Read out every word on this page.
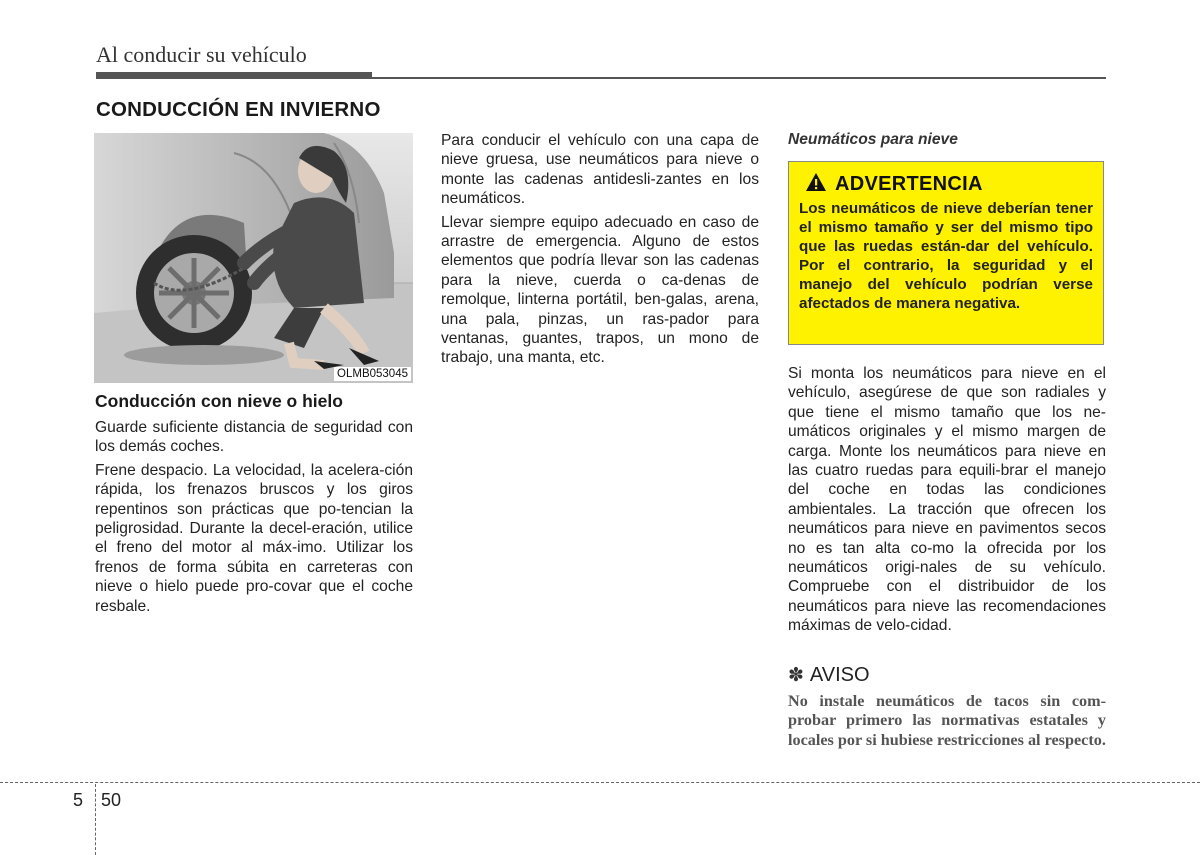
Al conducir su vehículo
CONDUCCIÓN EN INVIERNO
OLMB053045
Conducción con nieve o hielo

Guarde suficiente distancia de seguridad con los demás coches.

Frene despacio. La velocidad, la acelera-ción rápida, los frenazos bruscos y los giros repentinos son prácticas que po-tencian la peligrosidad. Durante la decel-eración, utilice el freno del motor al máx-imo. Utilizar los frenos de forma súbita en carreteras con nieve o hielo puede pro-covar que el coche resbale.

Para conducir el vehículo con una capa de nieve gruesa, use neumáticos para nieve o monte las cadenas antidesli-zantes en los neumáticos.

Llevar siempre equipo adecuado en caso de arrastre de emergencia. Alguno de estos elementos que podría llevar son las cadenas para la nieve, cuerda o ca-denas de remolque, linterna portátil, ben-galas, arena, una pala, pinzas, un ras-pador para ventanas, guantes, trapos, un mono de trabajo, una manta, etc.

Neumáticos para nieve
ADVERTENCIA
Los neumáticos de nieve deberían tener el mismo tamaño y ser del mismo tipo que las ruedas están-dar del vehículo. Por el contrario, la seguridad y el manejo del vehículo podrían verse afectados de manera negativa.

Si monta los neumáticos para nieve en el vehículo, asegúrese de que son radiales y que tiene el mismo tamaño que los ne-umáticos originales y el mismo margen de carga. Monte los neumáticos para nieve en las cuatro ruedas para equili-brar el manejo del coche en todas las condiciones ambientales. La tracción que ofrecen los neumáticos para nieve en pavimentos secos no es tan alta co-mo la ofrecida por los neumáticos origi-nales de su vehículo. Compruebe con el distribuidor de los neumáticos para nieve las recomendaciones máximas de velo-cidad.

✽ AVISO
No instale neumáticos de tacos sin com-probar primero las normativas estatales y locales por si hubiese restricciones al respecto.
5 50
